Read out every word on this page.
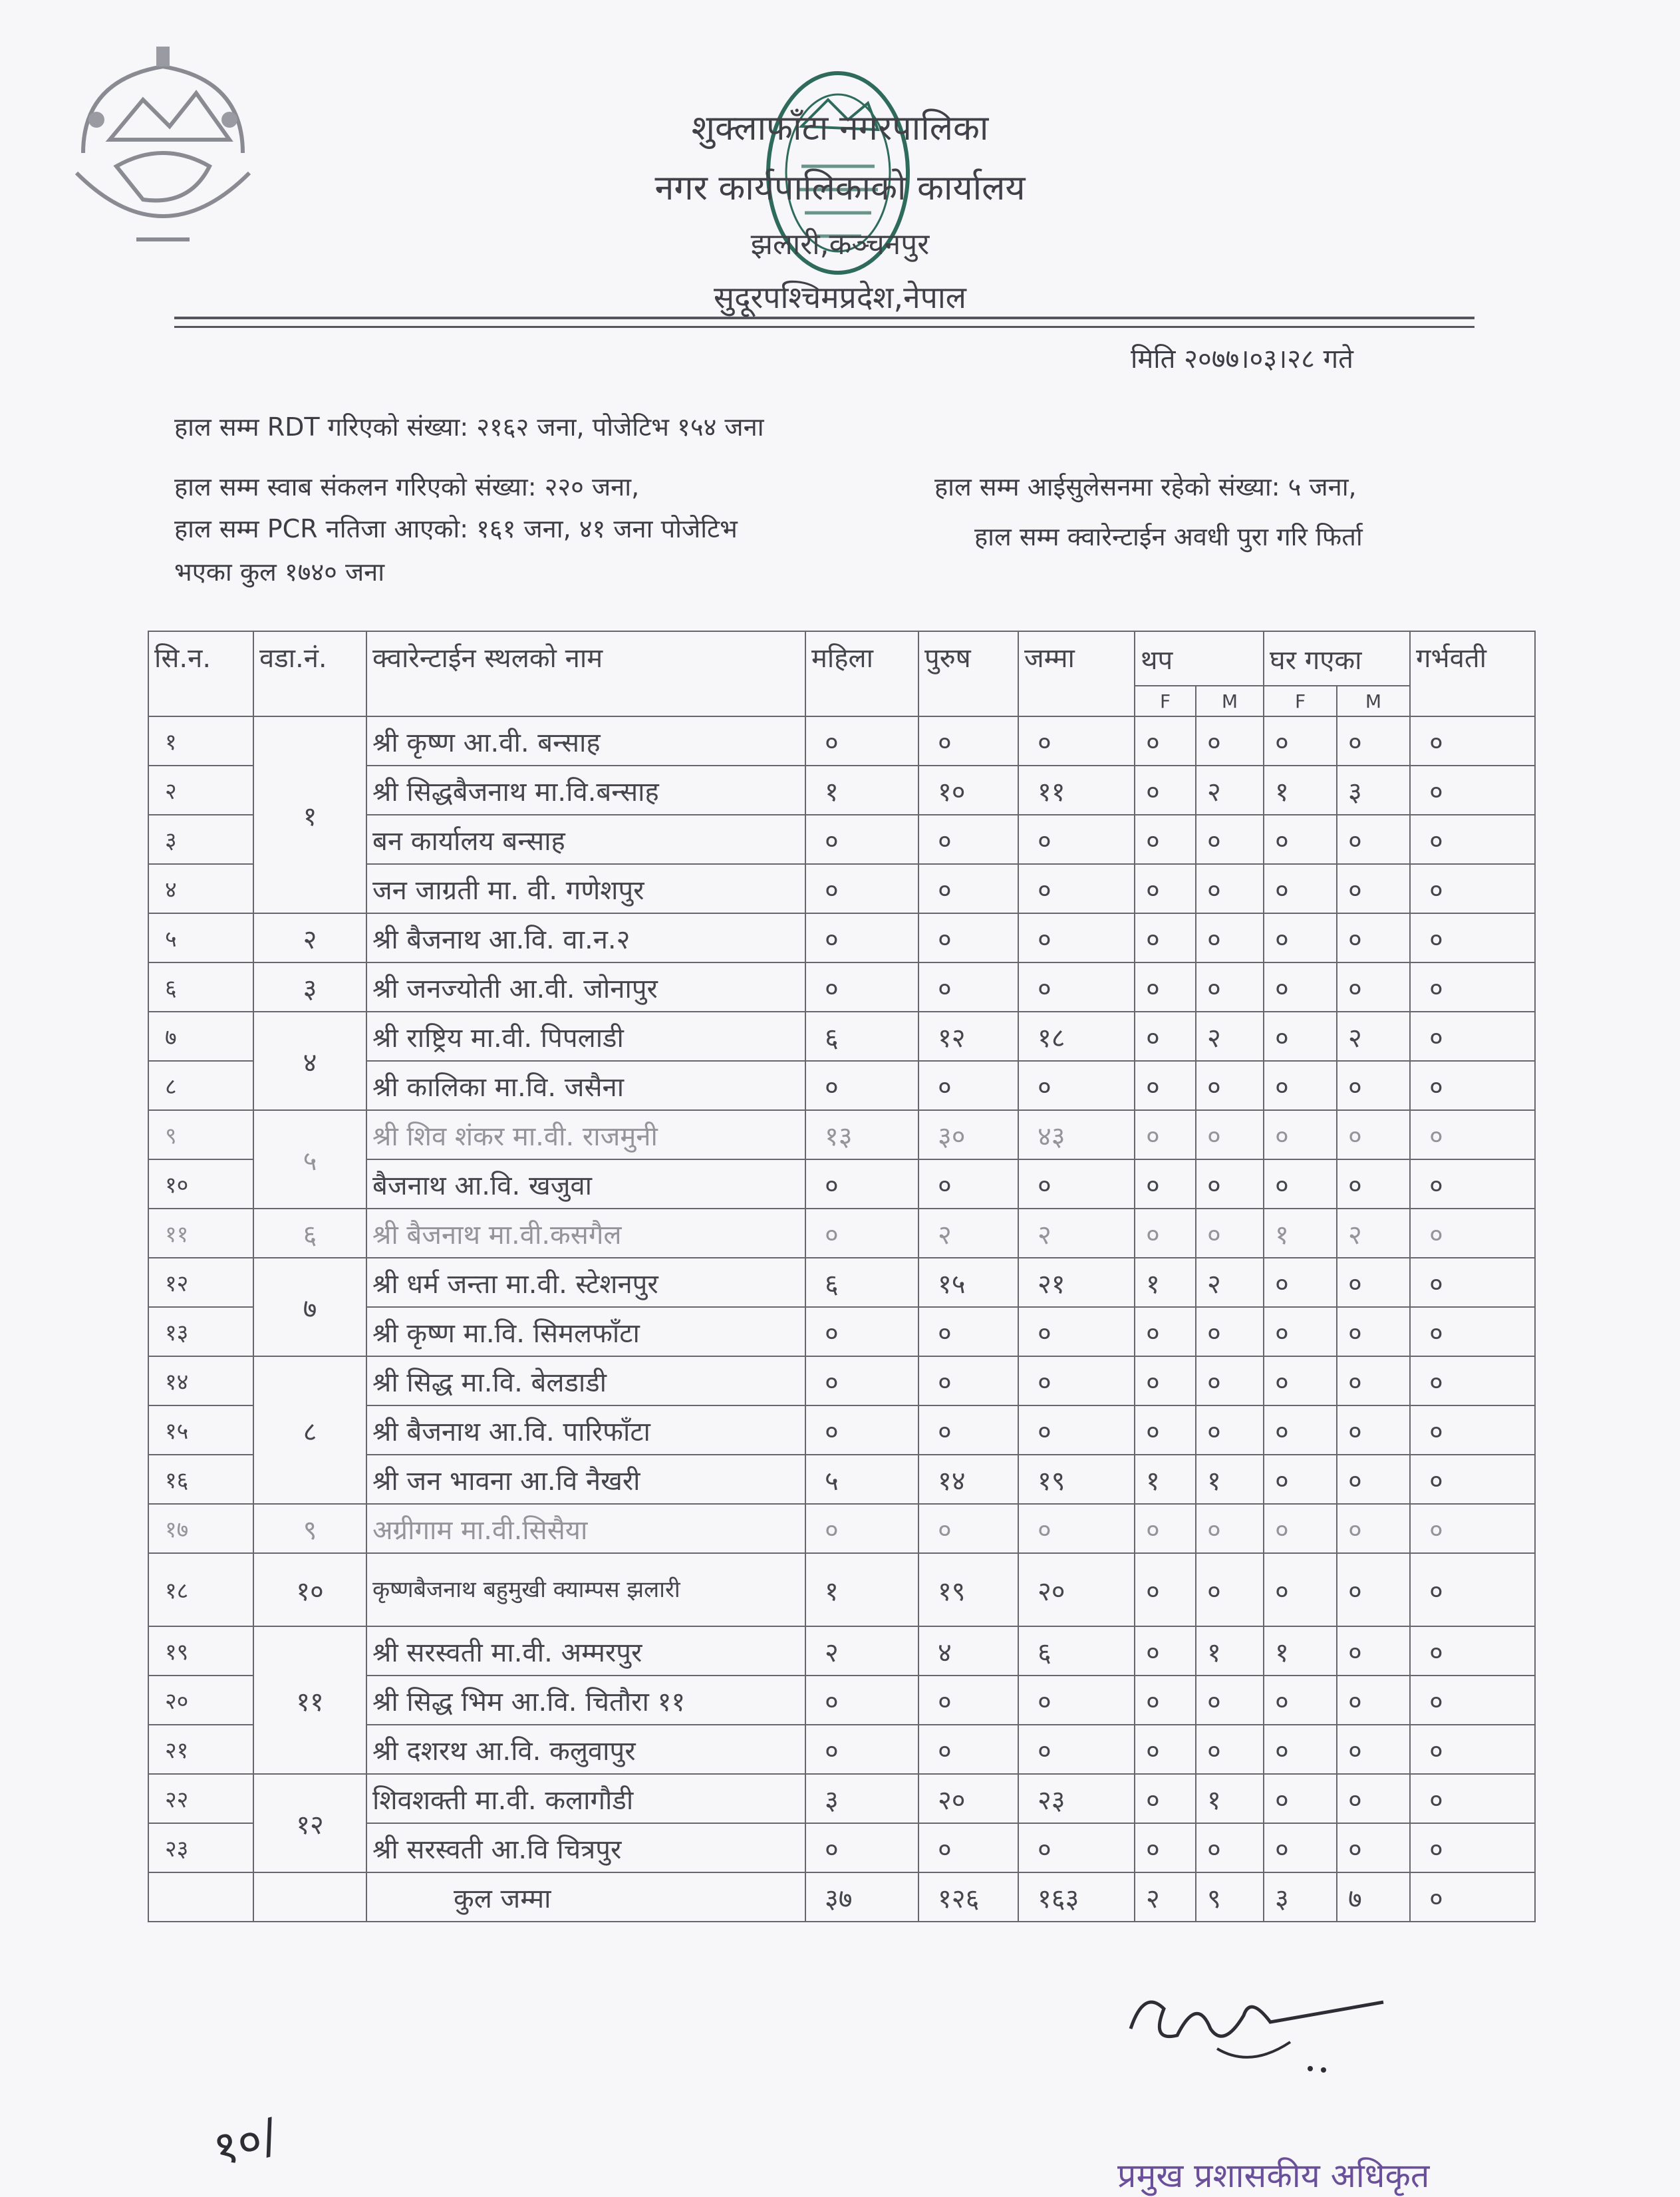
शुक्लाफाँटा नगरपालिका
नगर कार्यपालिकाको कार्यालय
झलारी,कञ्चनपुर
सुदूरपश्चिमप्रदेश,नेपाल
मिति २०७७।०३।२८ गते
हाल सम्म RDT गरिएको संख्या: २१६२ जना, पोजेटिभ १५४ जना
हाल सम्म स्वाब संकलन गरिएको संख्या: २२० जना,	हाल सम्म आईसुलेसनमा रहेको संख्या: ५ जना,
हाल सम्म PCR नतिजा आएको: १६१ जना, ४१ जना पोजेटिभ	हाल सम्म क्वारेन्टाईन अवधी पुरा गरि फिर्ता
भएका कुल १७४० जना
सि.न.	वडा.नं.	क्वारेन्टाईन स्थलको नाम	महिला	पुरुष	जम्मा	थप		घर गएका		गर्भवती
						F	M	F	M	
१	१	श्री कृष्ण आ.वी. बन्साह	०	०	०	०	०	०	०	०
२		श्री सिद्धबैजनाथ मा.वि.बन्साह	१	१०	११	०	२	१	३	०
३		बन कार्यालय बन्साह	०	०	०	०	०	०	०	०
४		जन जाग्रती मा. वी. गणेशपुर	०	०	०	०	०	०	०	०
५	२	श्री बैजनाथ आ.वि. वा.न.२	०	०	०	०	०	०	०	०
६	३	श्री जनज्योती आ.वी. जोनापुर	०	०	०	०	०	०	०	०
७	४	श्री राष्ट्रिय मा.वी. पिपलाडी	६	१२	१८	०	२	०	२	०
८		श्री कालिका मा.वि. जसैना	०	०	०	०	०	०	०	०
९	५	श्री शिव शंकर मा.वी. राजमुनी	१३	३०	४३	०	०	०	०	०
१०		बैजनाथ आ.वि. खजुवा	०	०	०	०	०	०	०	०
११	६	श्री बैजनाथ मा.वी.कसगैल	०	२	२	०	०	१	२	०
१२	७	श्री धर्म जन्ता मा.वी. स्टेशनपुर	६	१५	२१	१	२	०	०	०
१३		श्री कृष्ण मा.वि. सिमलफाँटा	०	०	०	०	०	०	०	०
१४	८	श्री सिद्ध मा.वि. बेलडाडी	०	०	०	०	०	०	०	०
१५		श्री बैजनाथ आ.वि. पारिफाँटा	०	०	०	०	०	०	०	०
१६		श्री जन भावना आ.वि नैखरी	५	१४	१९	१	१	०	०	०
१७	९	अग्रीगाम मा.वी.सिसैया	०	०	०	०	०	०	०	०
१८	१०	कृष्णबैजनाथ बहुमुखी क्याम्पस झलारी	१	१९	२०	०	०	०	०	०
१९	११	श्री सरस्वती मा.वी. अम्मरपुर	२	४	६	०	१	१	०	०
२०		श्री सिद्ध भिम आ.वि. चितौरा ११	०	०	०	०	०	०	०	०
२१		श्री दशरथ आ.वि. कलुवापुर	०	०	०	०	०	०	०	०
२२	१२	शिवशक्ती मा.वी. कलागौडी	३	२०	२३	०	१	०	०	०
२३		श्री सरस्वती आ.वि चित्रपुर	०	०	०	०	०	०	०	०
		कुल जम्मा	३७	१२६	१६३	२	९	३	७	०
प्रमुख प्रशासकीय अधिकृत
१०/
